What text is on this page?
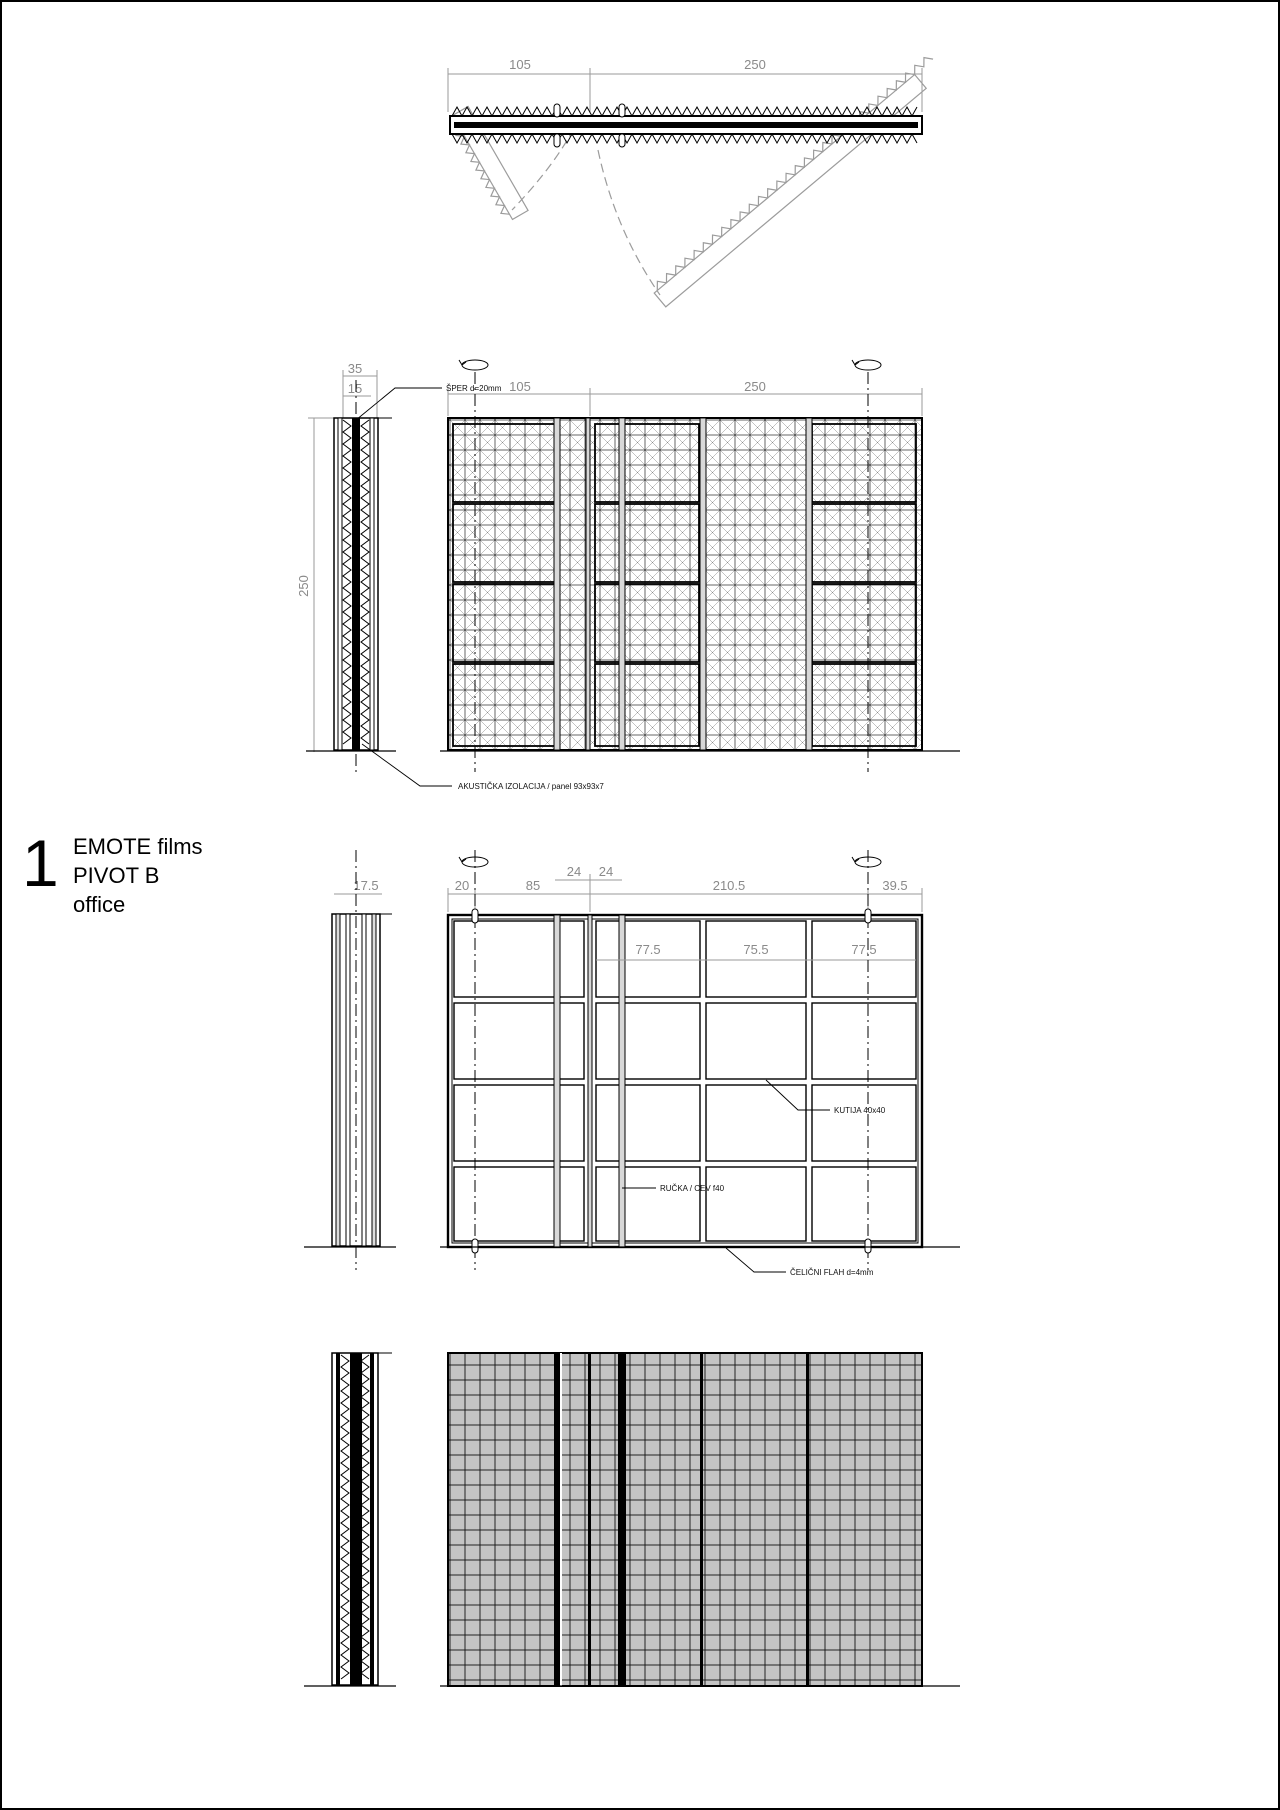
105	250
35
15
250
105	250
ŠPER d=20mm
AKUSTIČKA IZOLACIJA / panel 93x93x7
17.5	20	85
24 24
210.5	39.5
77.5	75.5	77.5
KUTIJA 40x40
RUČKA / CEV f40
ČELIČNI FLAH d=4mm
1 EMOTE films
PIVOT B
office
